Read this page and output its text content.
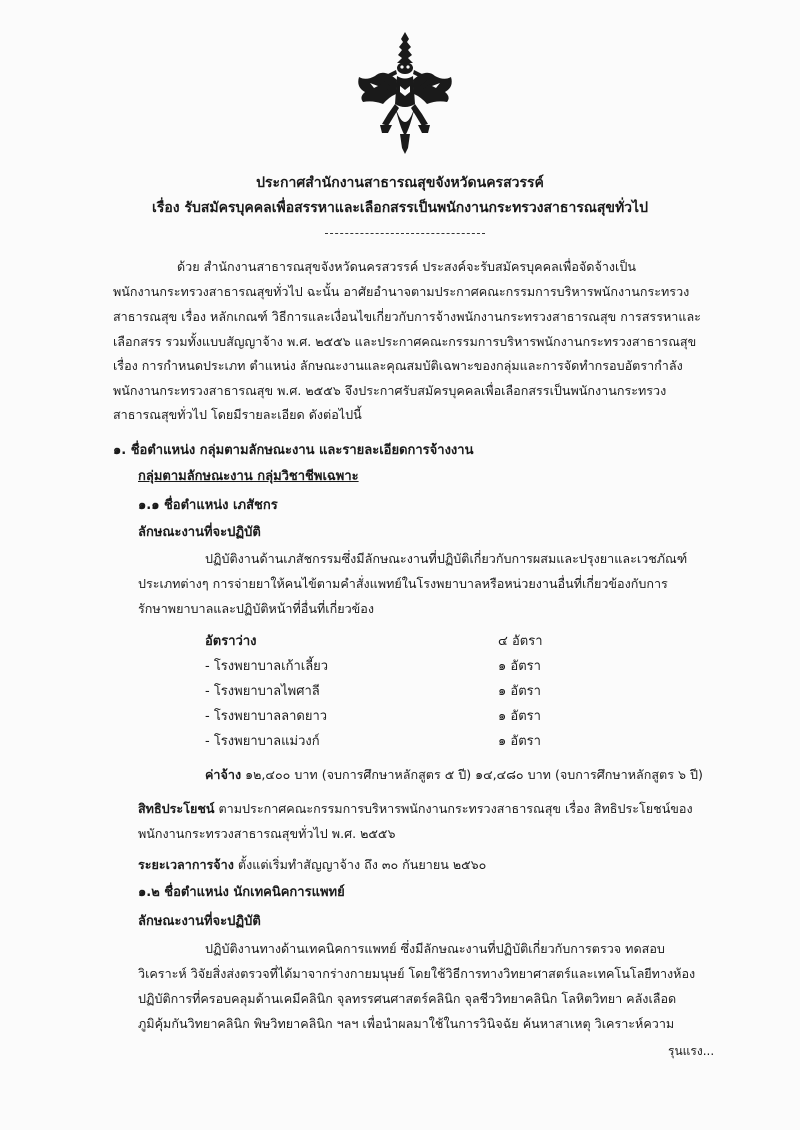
ประกาศสำนักงานสาธารณสุขจังหวัดนครสวรรค์
เรื่อง รับสมัครบุคคลเพื่อสรรหาและเลือกสรรเป็นพนักงานกระทรวงสาธารณสุขทั่วไป
ด้วย สำนักงานสาธารณสุขจังหวัดนครสวรรค์ ประสงค์จะรับสมัครบุคคลเพื่อจัดจ้างเป็น
พนักงานกระทรวงสาธารณสุขทั่วไป ฉะนั้น อาศัยอำนาจตามประกาศคณะกรรมการบริหารพนักงานกระทรวง
สาธารณสุข เรื่อง หลักเกณฑ์ วิธีการและเงื่อนไขเกี่ยวกับการจ้างพนักงานกระทรวงสาธารณสุข การสรรหาและ
เลือกสรร รวมทั้งแบบสัญญาจ้าง พ.ศ. ๒๕๕๖ และประกาศคณะกรรมการบริหารพนักงานกระทรวงสาธารณสุข
เรื่อง การกำหนดประเภท ตำแหน่ง ลักษณะงานและคุณสมบัติเฉพาะของกลุ่มและการจัดทำกรอบอัตรากำลัง
พนักงานกระทรวงสาธารณสุข พ.ศ. ๒๕๕๖ จึงประกาศรับสมัครบุคคลเพื่อเลือกสรรเป็นพนักงานกระทรวง
สาธารณสุขทั่วไป โดยมีรายละเอียด ดังต่อไปนี้
๑. ชื่อตำแหน่ง กลุ่มตามลักษณะงาน และรายละเอียดการจ้างงาน
กลุ่มตามลักษณะงาน กลุ่มวิชาชีพเฉพาะ
๑.๑ ชื่อตำแหน่ง เภสัชกร
ลักษณะงานที่จะปฏิบัติ
ปฏิบัติงานด้านเภสัชกรรมซึ่งมีลักษณะงานที่ปฏิบัติเกี่ยวกับการผสมและปรุงยาและเวชภัณฑ์
ประเภทต่างๆ การจ่ายยาให้คนไข้ตามคำสั่งแพทย์ในโรงพยาบาลหรือหน่วยงานอื่นที่เกี่ยวข้องกับการ
รักษาพยาบาลและปฏิบัติหน้าที่อื่นที่เกี่ยวข้อง
อัตราว่าง	๔ อัตรา
- โรงพยาบาลเก้าเลี้ยว	๑ อัตรา
- โรงพยาบาลไพศาลี	๑ อัตรา
- โรงพยาบาลลาดยาว	๑ อัตรา
- โรงพยาบาลแม่วงก์	๑ อัตรา
ค่าจ้าง ๑๒,๔๐๐ บาท (จบการศึกษาหลักสูตร ๕ ปี) ๑๔,๔๘๐ บาท (จบการศึกษาหลักสูตร ๖ ปี)
สิทธิประโยชน์ ตามประกาศคณะกรรมการบริหารพนักงานกระทรวงสาธารณสุข เรื่อง สิทธิประโยชน์ของ
พนักงานกระทรวงสาธารณสุขทั่วไป พ.ศ. ๒๕๕๖
ระยะเวลาการจ้าง ตั้งแต่เริ่มทำสัญญาจ้าง ถึง ๓๐ กันยายน ๒๕๖๐
๑.๒ ชื่อตำแหน่ง นักเทคนิคการแพทย์
ลักษณะงานที่จะปฏิบัติ
ปฏิบัติงานทางด้านเทคนิคการแพทย์ ซึ่งมีลักษณะงานที่ปฏิบัติเกี่ยวกับการตรวจ ทดสอบ
วิเคราะห์ วิจัยสิ่งส่งตรวจที่ได้มาจากร่างกายมนุษย์ โดยใช้วิธีการทางวิทยาศาสตร์และเทคโนโลยีทางห้อง
ปฏิบัติการที่ครอบคลุมด้านเคมีคลินิก จุลทรรศนศาสตร์คลินิก จุลชีววิทยาคลินิก โลหิตวิทยา คลังเลือด
ภูมิคุ้มกันวิทยาคลินิก พิษวิทยาคลินิก ฯลฯ เพื่อนำผลมาใช้ในการวินิจฉัย ค้นหาสาเหตุ วิเคราะห์ความ
รุนแรง...
